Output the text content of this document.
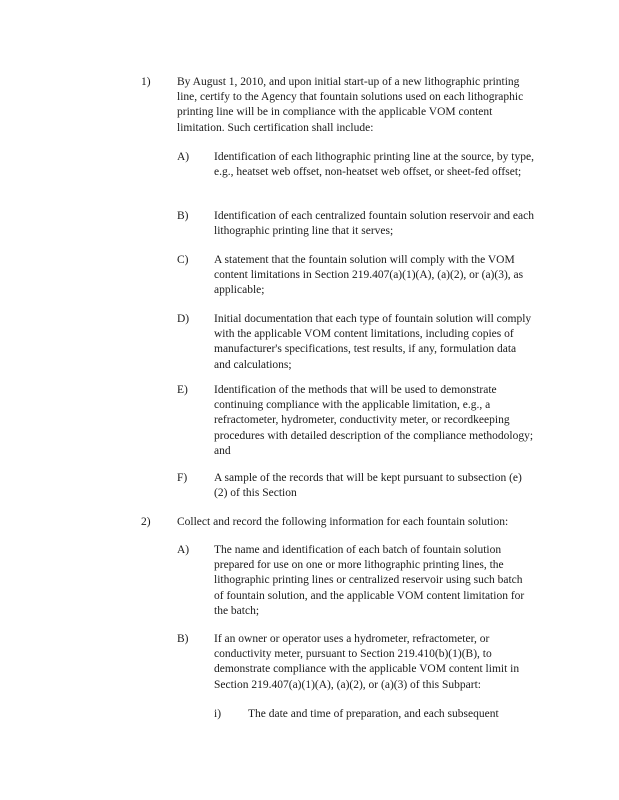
1) By August 1, 2010, and upon initial start-up of a new lithographic printing line, certify to the Agency that fountain solutions used on each lithographic printing line will be in compliance with the applicable VOM content limitation. Such certification shall include:
A) Identification of each lithographic printing line at the source, by type, e.g., heatset web offset, non-heatset web offset, or sheet-fed offset;
B) Identification of each centralized fountain solution reservoir and each lithographic printing line that it serves;
C) A statement that the fountain solution will comply with the VOM content limitations in Section 219.407(a)(1)(A), (a)(2), or (a)(3), as applicable;
D) Initial documentation that each type of fountain solution will comply with the applicable VOM content limitations, including copies of manufacturer's specifications, test results, if any, formulation data and calculations;
E) Identification of the methods that will be used to demonstrate continuing compliance with the applicable limitation, e.g., a refractometer, hydrometer, conductivity meter, or recordkeeping procedures with detailed description of the compliance methodology; and
F) A sample of the records that will be kept pursuant to subsection (e)(2) of this Section
2) Collect and record the following information for each fountain solution:
A) The name and identification of each batch of fountain solution prepared for use on one or more lithographic printing lines, the lithographic printing lines or centralized reservoir using such batch of fountain solution, and the applicable VOM content limitation for the batch;
B) If an owner or operator uses a hydrometer, refractometer, or conductivity meter, pursuant to Section 219.410(b)(1)(B), to demonstrate compliance with the applicable VOM content limit in Section 219.407(a)(1)(A), (a)(2), or (a)(3) of this Subpart:
i) The date and time of preparation, and each subsequent
